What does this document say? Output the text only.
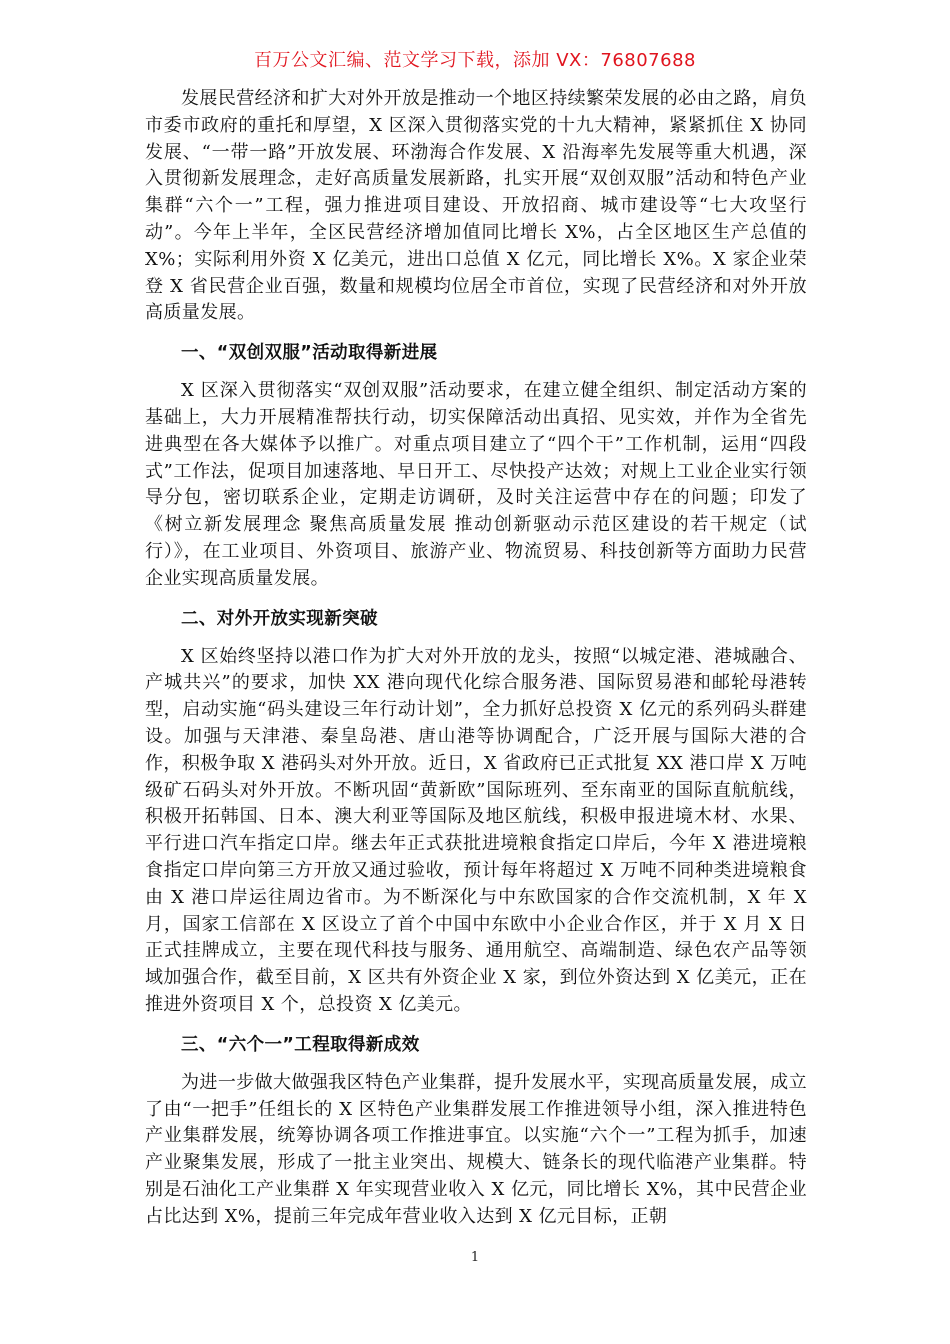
百万公文汇编、范文学习下载，添加 VX：76807688

发展民营经济和扩大对外开放是推动一个地区持续繁荣发展的必由之路，肩负市委市政府的重托和厚望，X 区深入贯彻落实党的十九大精神，紧紧抓住 X 协同发展、“一带一路”开放发展、环渤海合作发展、X 沿海率先发展等重大机遇，深入贯彻新发展理念，走好高质量发展新路，扎实开展“双创双服”活动和特色产业集群“六个一”工程，强力推进项目建设、开放招商、城市建设等“七大攻坚行动”。今年上半年，全区民营经济增加值同比增长 X%，占全区地区生产总值的 X%；实际利用外资 X 亿美元，进出口总值 X 亿元，同比增长 X%。X 家企业荣登 X 省民营企业百强，数量和规模均位居全市首位，实现了民营经济和对外开放高质量发展。

一、“双创双服”活动取得新进展

X 区深入贯彻落实“双创双服”活动要求，在建立健全组织、制定活动方案的基础上，大力开展精准帮扶行动，切实保障活动出真招、见实效，并作为全省先进典型在各大媒体予以推广。对重点项目建立了“四个干”工作机制，运用“四段式”工作法，促项目加速落地、早日开工、尽快投产达效；对规上工业企业实行领导分包，密切联系企业，定期走访调研，及时关注运营中存在的问题；印发了《树立新发展理念 聚焦高质量发展 推动创新驱动示范区建设的若干规定（试行）》，在工业项目、外资项目、旅游产业、物流贸易、科技创新等方面助力民营企业实现高质量发展。

二、对外开放实现新突破

X 区始终坚持以港口作为扩大对外开放的龙头，按照“以城定港、港城融合、产城共兴”的要求，加快 XX 港向现代化综合服务港、国际贸易港和邮轮母港转型，启动实施“码头建设三年行动计划”，全力抓好总投资 X 亿元的系列码头群建设。加强与天津港、秦皇岛港、唐山港等协调配合，广泛开展与国际大港的合作，积极争取 X 港码头对外开放。近日，X 省政府已正式批复 XX 港口岸 X 万吨级矿石码头对外开放。不断巩固“黄新欧”国际班列、至东南亚的国际直航航线，积极开拓韩国、日本、澳大利亚等国际及地区航线，积极申报进境木材、水果、平行进口汽车指定口岸。继去年正式获批进境粮食指定口岸后，今年 X 港进境粮食指定口岸向第三方开放又通过验收，预计每年将超过 X 万吨不同种类进境粮食由 X 港口岸运往周边省市。为不断深化与中东欧国家的合作交流机制，X 年 X 月，国家工信部在 X 区设立了首个中国中东欧中小企业合作区，并于 X 月 X 日正式挂牌成立，主要在现代科技与服务、通用航空、高端制造、绿色农产品等领域加强合作，截至目前，X 区共有外资企业 X 家，到位外资达到 X 亿美元，正在推进外资项目 X 个，总投资 X 亿美元。

三、“六个一”工程取得新成效

为进一步做大做强我区特色产业集群，提升发展水平，实现高质量发展，成立了由“一把手”任组长的 X 区特色产业集群发展工作推进领导小组，深入推进特色产业集群发展，统筹协调各项工作推进事宜。以实施“六个一”工程为抓手，加速产业聚集发展，形成了一批主业突出、规模大、链条长的现代临港产业集群。特别是石油化工产业集群 X 年实现营业收入 X 亿元，同比增长 X%，其中民营企业占比达到 X%，提前三年完成年营业收入达到 X 亿元目标，正朝

1
